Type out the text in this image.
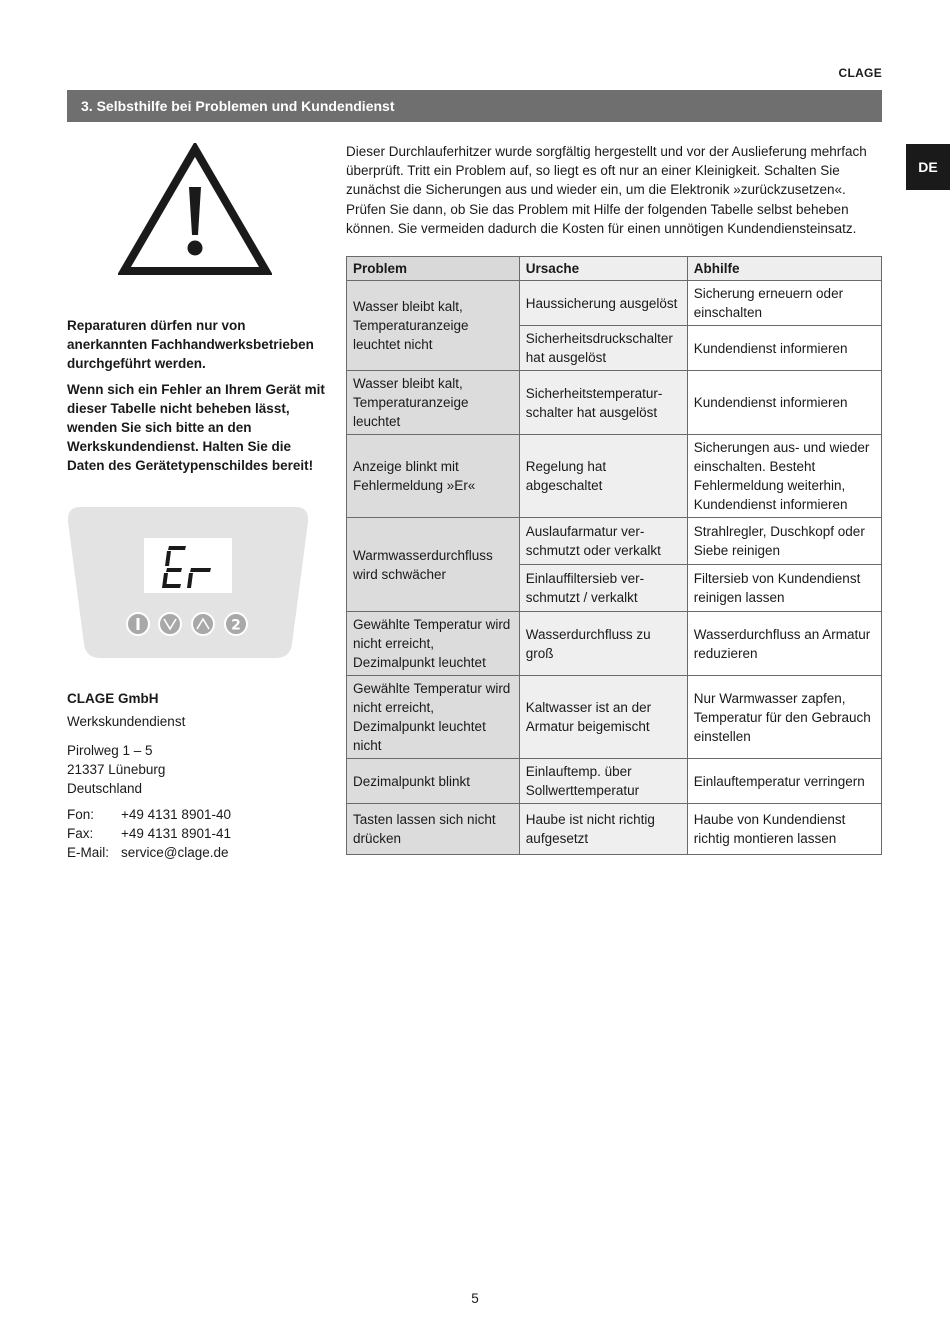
CLAGE
3. Selbsthilfe bei Problemen und Kundendienst
DE
Reparaturen dürfen nur von anerkannten Fachhandwerksbetrieben durchgeführt werden.
Wenn sich ein Fehler an Ihrem Gerät mit dieser Tabelle nicht beheben lässt, wenden Sie sich bitte an den Werkskundendienst. Halten Sie die Daten des Gerätetypenschildes bereit!
Er
2
CLAGE GmbH
Werkskundendienst
Pirolweg 1 – 5
21337 Lüneburg
Deutschland
Fon:	+49 4131 8901-40
Fax:	+49 4131 8901-41
E-Mail: service@clage.de
Dieser Durchlauferhitzer wurde sorgfältig hergestellt und vor der Auslieferung mehrfach überprüft. Tritt ein Problem auf, so liegt es oft nur an einer Kleinigkeit. Schalten Sie zunächst die Sicherungen aus und wieder ein, um die Elektronik »zurückzusetzen«. Prüfen Sie dann, ob Sie das Problem mit Hilfe der folgenden Tabelle selbst beheben können. Sie vermeiden dadurch die Kosten für einen unnötigen Kundendiensteinsatz.
Problem	Ursache	Abhilfe
Wasser bleibt kalt, Temperaturanzeige leuchtet nicht	Haussicherung ausgelöst	Sicherung erneuern oder einschalten
	Sicherheitsdruckschalter hat ausgelöst	Kundendienst informieren
Wasser bleibt kalt, Temperaturanzeige leuchtet	Sicherheitstemperatur-schalter hat ausgelöst	Kundendienst informieren
Anzeige blinkt mit Fehlermeldung »Er«	Regelung hat abgeschaltet	Sicherungen aus- und wieder einschalten. Besteht Fehlermeldung weiterhin, Kundendienst informieren
Warmwasserdurchfluss wird schwächer	Auslaufarmatur ver-schmutzt oder verkalkt	Strahlregler, Duschkopf oder Siebe reinigen
	Einlauffiltersieb ver-schmutzt / verkalkt	Filtersieb von Kundendienst reinigen lassen
Gewählte Temperatur wird nicht erreicht, Dezimalpunkt leuchtet	Wasserdurchfluss zu groß	Wasserdurchfluss an Armatur reduzieren
Gewählte Temperatur wird nicht erreicht, Dezimalpunkt leuchtet nicht	Kaltwasser ist an der Armatur beigemischt	Nur Warmwasser zapfen, Temperatur für den Gebrauch einstellen
Dezimalpunkt blinkt	Einlauftemp. über Sollwerttemperatur	Einlauftemperatur verringern
Tasten lassen sich nicht drücken	Haube ist nicht richtig aufgesetzt	Haube von Kundendienst richtig montieren lassen
5
